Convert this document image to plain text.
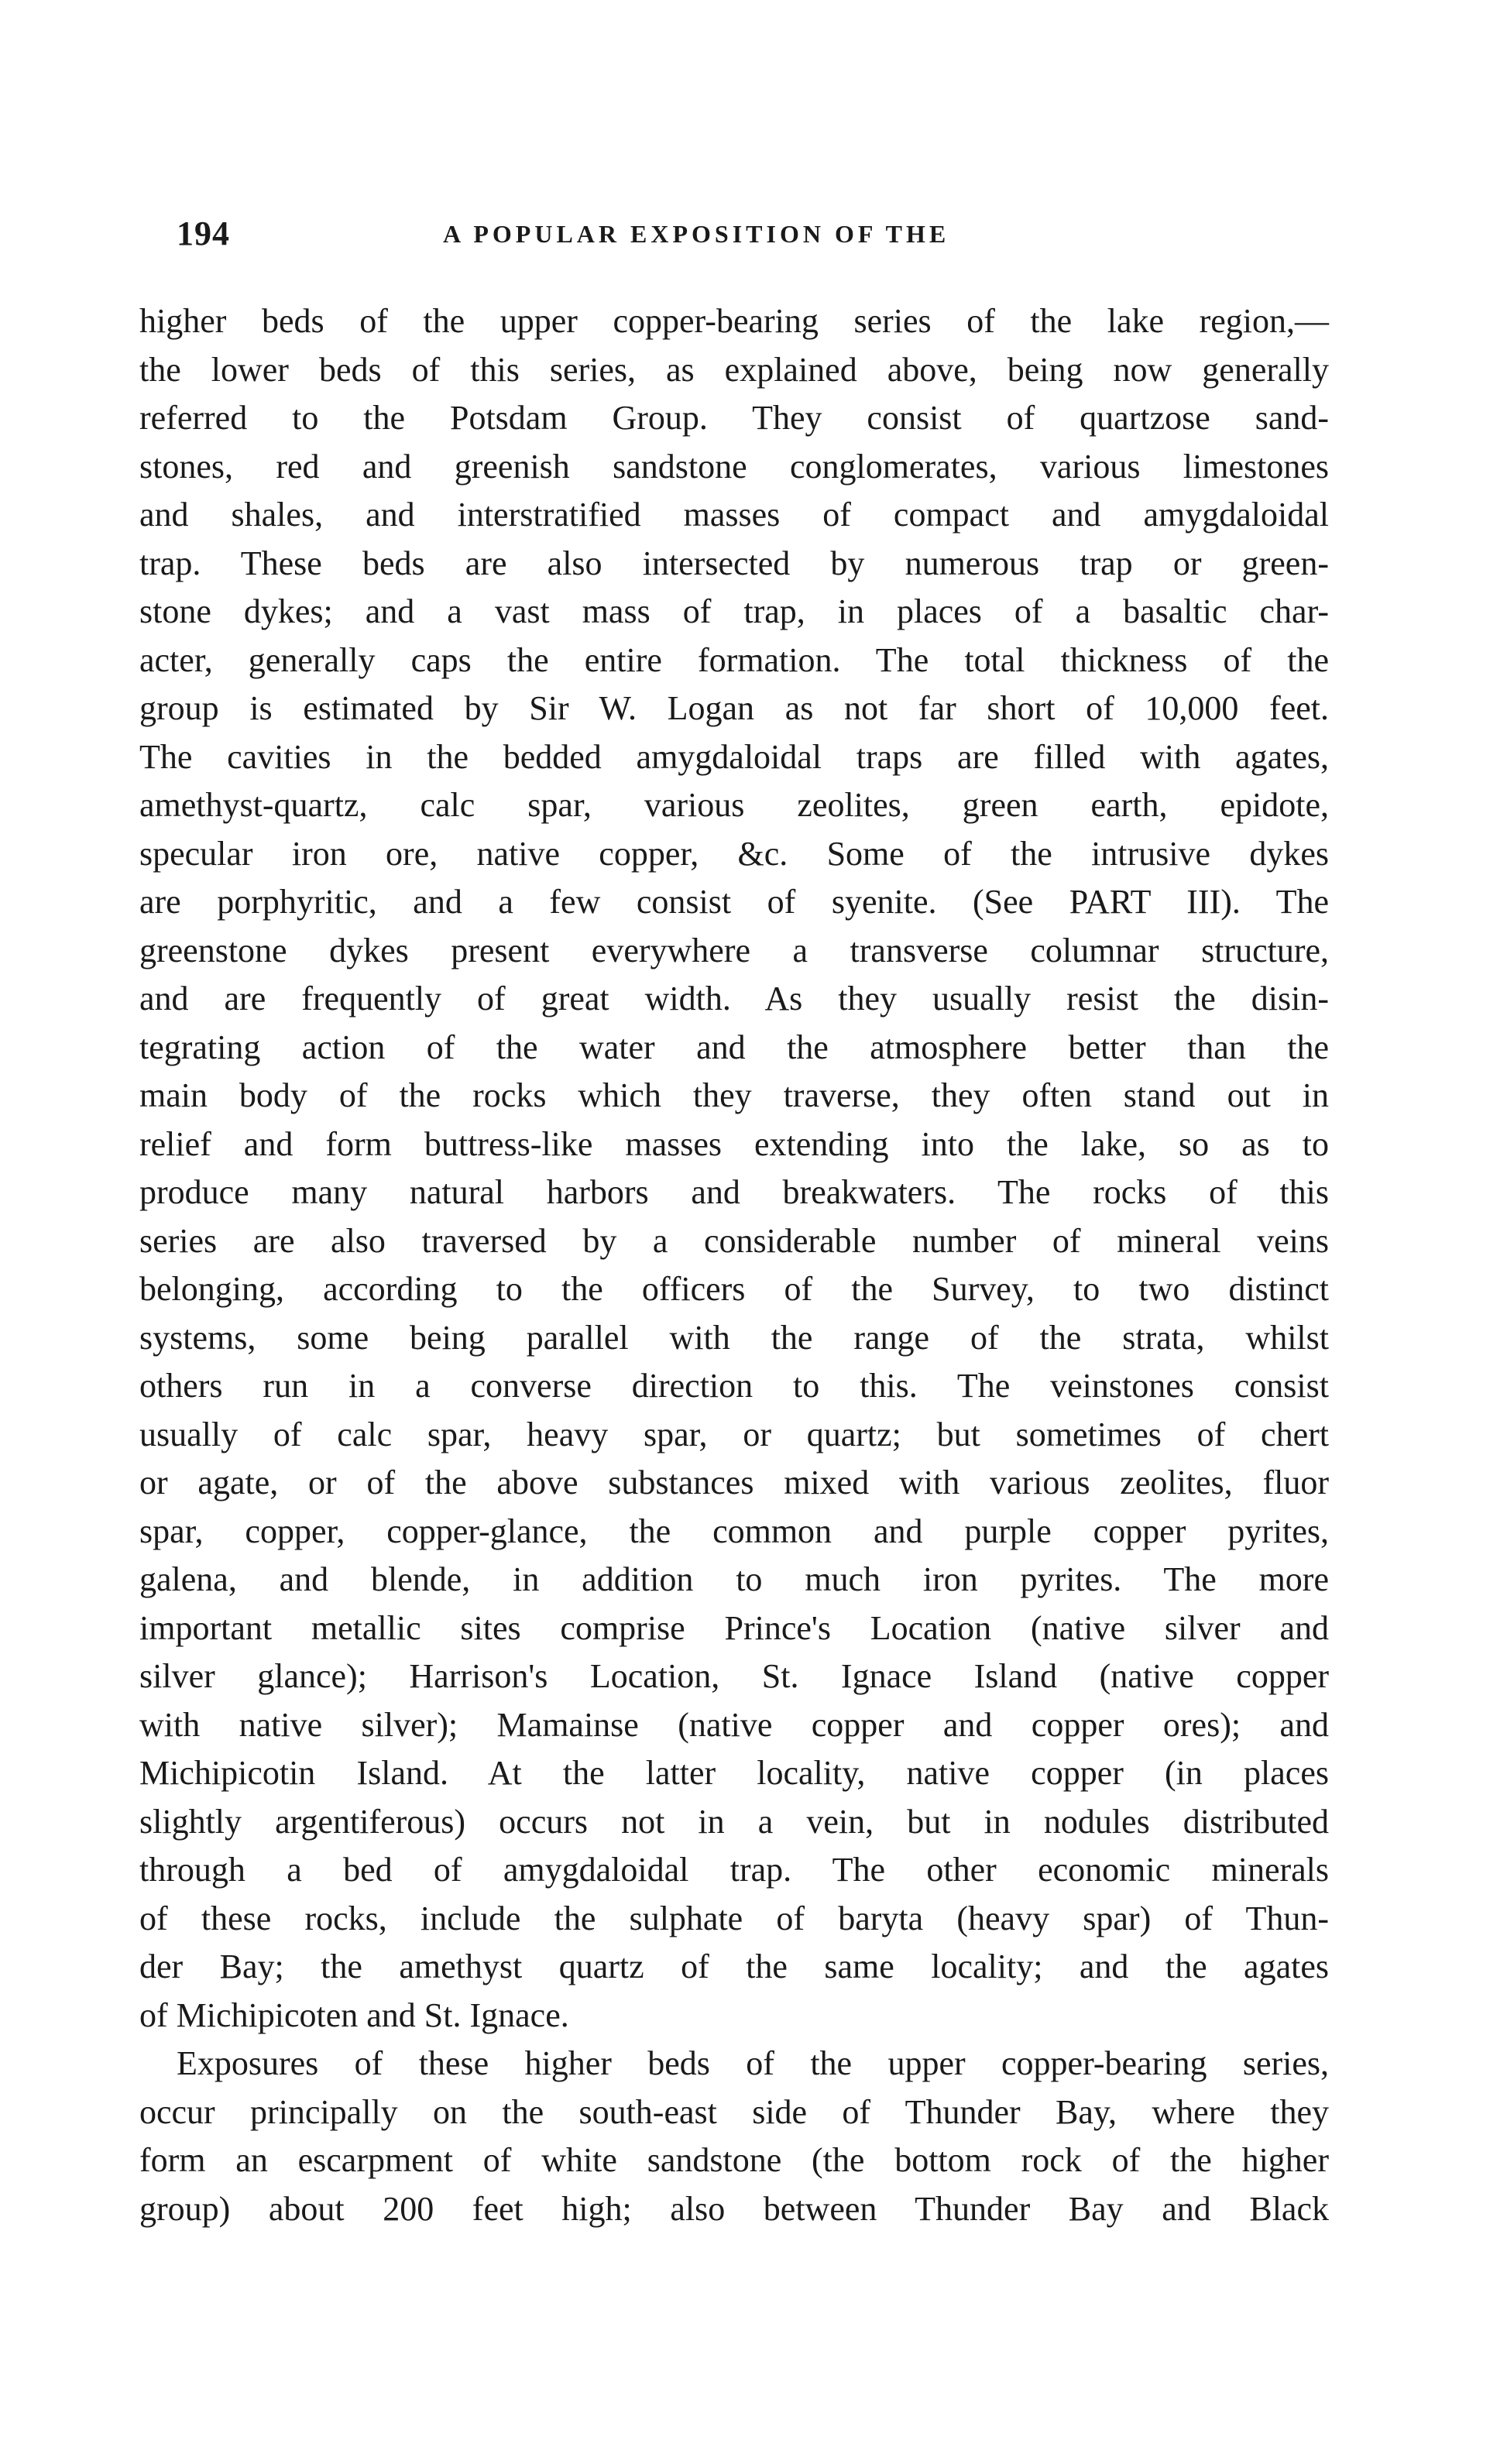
194	A POPULAR EXPOSITION OF THE
higher beds of the upper copper-bearing series of the lake region,—
the lower beds of this series, as explained above, being now generally
referred to the Potsdam Group. They consist of quartzose sand-
stones, red and greenish sandstone conglomerates, various limestones
and shales, and interstratified masses of compact and amygdaloidal
trap. These beds are also intersected by numerous trap or green-
stone dykes; and a vast mass of trap, in places of a basaltic char-
acter, generally caps the entire formation. The total thickness of the
group is estimated by Sir W. Logan as not far short of 10,000 feet.
The cavities in the bedded amygdaloidal traps are filled with agates,
amethyst-quartz, calc spar, various zeolites, green earth, epidote,
specular iron ore, native copper, &c. Some of the intrusive dykes
are porphyritic, and a few consist of syenite. (See PART III). The
greenstone dykes present everywhere a transverse columnar structure,
and are frequently of great width. As they usually resist the disin-
tegrating action of the water and the atmosphere better than the
main body of the rocks which they traverse, they often stand out in
relief and form buttress-like masses extending into the lake, so as to
produce many natural harbors and breakwaters. The rocks of this
series are also traversed by a considerable number of mineral veins
belonging, according to the officers of the Survey, to two distinct
systems, some being parallel with the range of the strata, whilst
others run in a converse direction to this. The veinstones consist
usually of calc spar, heavy spar, or quartz; but sometimes of chert
or agate, or of the above substances mixed with various zeolites, fluor
spar, copper, copper-glance, the common and purple copper pyrites,
galena, and blende, in addition to much iron pyrites. The more
important metallic sites comprise Prince's Location (native silver and
silver glance); Harrison's Location, St. Ignace Island (native copper
with native silver); Mamainse (native copper and copper ores); and
Michipicotin Island. At the latter locality, native copper (in places
slightly argentiferous) occurs not in a vein, but in nodules distributed
through a bed of amygdaloidal trap. The other economic minerals
of these rocks, include the sulphate of baryta (heavy spar) of Thun-
der Bay; the amethyst quartz of the same locality; and the agates
of Michipicoten and St. Ignace.
Exposures of these higher beds of the upper copper-bearing series,
occur principally on the south-east side of Thunder Bay, where they
form an escarpment of white sandstone (the bottom rock of the higher
group) about 200 feet high; also between Thunder Bay and Black
